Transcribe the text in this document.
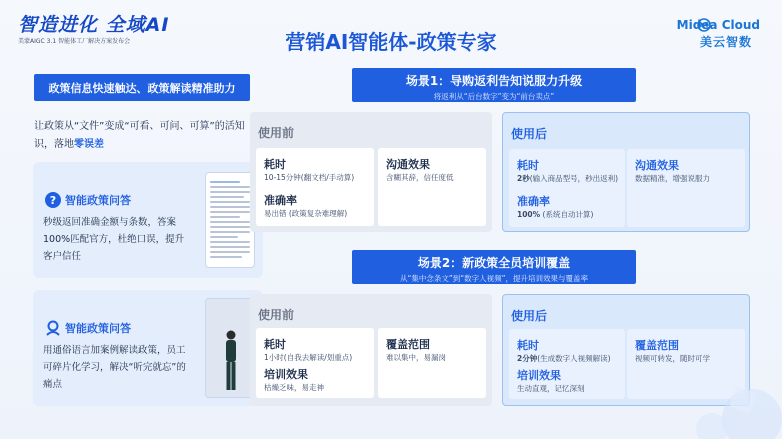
智造进化 全域AI
美蒙AIGC 3.1 智能体工厂解决方案发布会	营销AI智能体-政策专家
Midea Cloud
美云智数
政策信息快速触达、政策解读精准助力
让政策从“文件”变成“可看、可问、可算”的活知识，落地零误差
? 智能政策问答
秒级返回准确金额与条数，答案100%匹配官方，杜绝口误，提升客户信任
智能政策问答
用通俗语言加案例解读政策，员工可碎片化学习，解决“听完就忘”的痛点
场景1：导购返利告知说服力升级
将返利从“后台数字”变为“前台卖点”
使用前
耗时
10-15分钟(翻文档/手动算)
准确率
易出错 (政策复杂难理解)
沟通效果
含糊其辞，信任度低
使用后
耗时
2秒(输入商品型号，秒出返利)
准确率
100% (系统自动计算)
沟通效果
数据精准，增强说服力
场景2：新政策全员培训覆盖
从“集中念条文”到“数字人视频”，提升培训效果与覆盖率
使用前
耗时
1小时(自我去解读/划重点)
培训效果
枯燥乏味，易走神
覆盖范围
难以集中，易漏岗
使用后
耗时
2分钟(生成数字人视频解读)
培训效果
生动直观，记忆深刻
覆盖范围
视频可转发，随时可学
